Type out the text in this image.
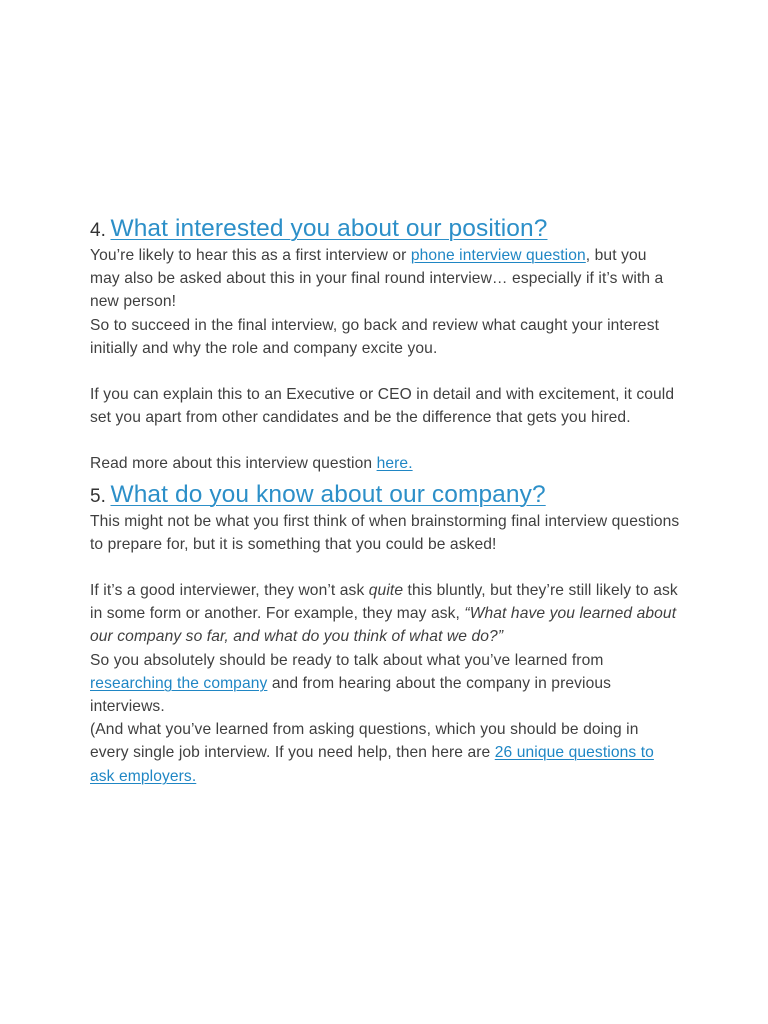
4. What interested you about our position?

You’re likely to hear this as a first interview or phone interview question, but you may also be asked about this in your final round interview… especially if it’s with a new person!

So to succeed in the final interview, go back and review what caught your interest initially and why the role and company excite you.

If you can explain this to an Executive or CEO in detail and with excitement, it could set you apart from other candidates and be the difference that gets you hired.

Read more about this interview question here.

5. What do you know about our company?

This might not be what you first think of when brainstorming final interview questions to prepare for, but it is something that you could be asked!

If it’s a good interviewer, they won’t ask quite this bluntly, but they’re still likely to ask in some form or another. For example, they may ask, “What have you learned about our company so far, and what do you think of what we do?”

So you absolutely should be ready to talk about what you’ve learned from researching the company and from hearing about the company in previous interviews.

(And what you’ve learned from asking questions, which you should be doing in every single job interview. If you need help, then here are 26 unique questions to ask employers.
